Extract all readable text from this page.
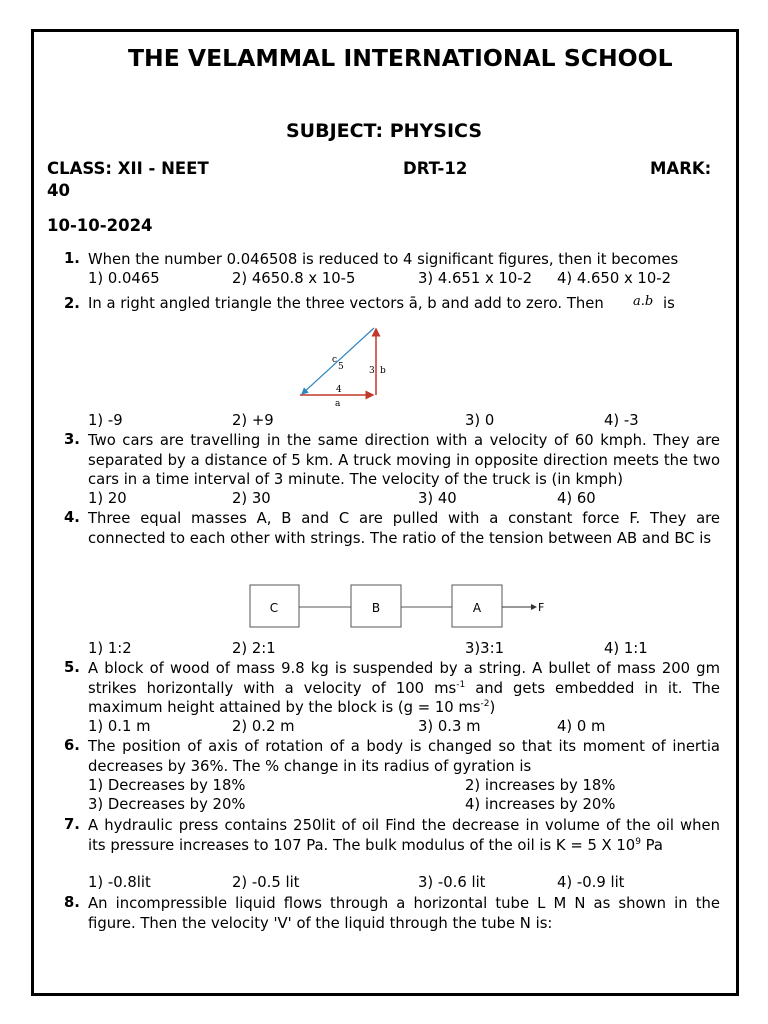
THE VELAMMAL INTERNATIONAL SCHOOL
SUBJECT: PHYSICS
CLASS: XII - NEET	DRT-12	MARK:
40
10-10-2024
1. When the number 0.046508 is reduced to 4 significant figures, then it becomes
1) 0.0465	2) 4650.8 x 10-5	3) 4.651 x 10-2 4) 4.650 x 10-2
2. In a right angled triangle the three vectors ā, b and add to zero. Then a.b is
c
5	3 b
4
a
1) -9	2) +9	3) 0	4) -3
3. Two cars are travelling in the same direction with a velocity of 60 kmph. They are separated by a distance of 5 km. A truck moving in opposite direction meets the two cars in a time interval of 3 minute. The velocity of the truck is (in kmph)
1) 20	2) 30	3) 40	4) 60
4. Three equal masses A, B and C are pulled with a constant force F. They are connected to each other with strings. The ratio of the tension between AB and BC is
C	B	A	F
1) 1:2	2) 2:1	3)3:1	4) 1:1
5. A block of wood of mass 9.8 kg is suspended by a string. A bullet of mass 200 gm strikes horizontally with a velocity of 100 $ms^{-1}$ and gets embedded in it. The maximum height attained by the block is (g = 10 $ms^{-2}$)
1) 0.1 m	2) 0.2 m	3) 0.3 m	4) 0 m
6. The position of axis of rotation of a body is changed so that its moment of inertia decreases by 36%. The % change in its radius of gyration is
1) Decreases by 18%	2) increases by 18%
3) Decreases by 20%	4) increases by 20%
7. A hydraulic press contains 250lit of oil Find the decrease in volume of the oil when its pressure increases to 107 Pa. The bulk modulus of the oil is K = 5 X $10^9$ Pa
1) -0.8lit	2) -0.5 lit	3) -0.6 lit	4) -0.9 lit
8. An incompressible liquid flows through a horizontal tube L M N as shown in the figure. Then the velocity 'V' of the liquid through the tube N is:
